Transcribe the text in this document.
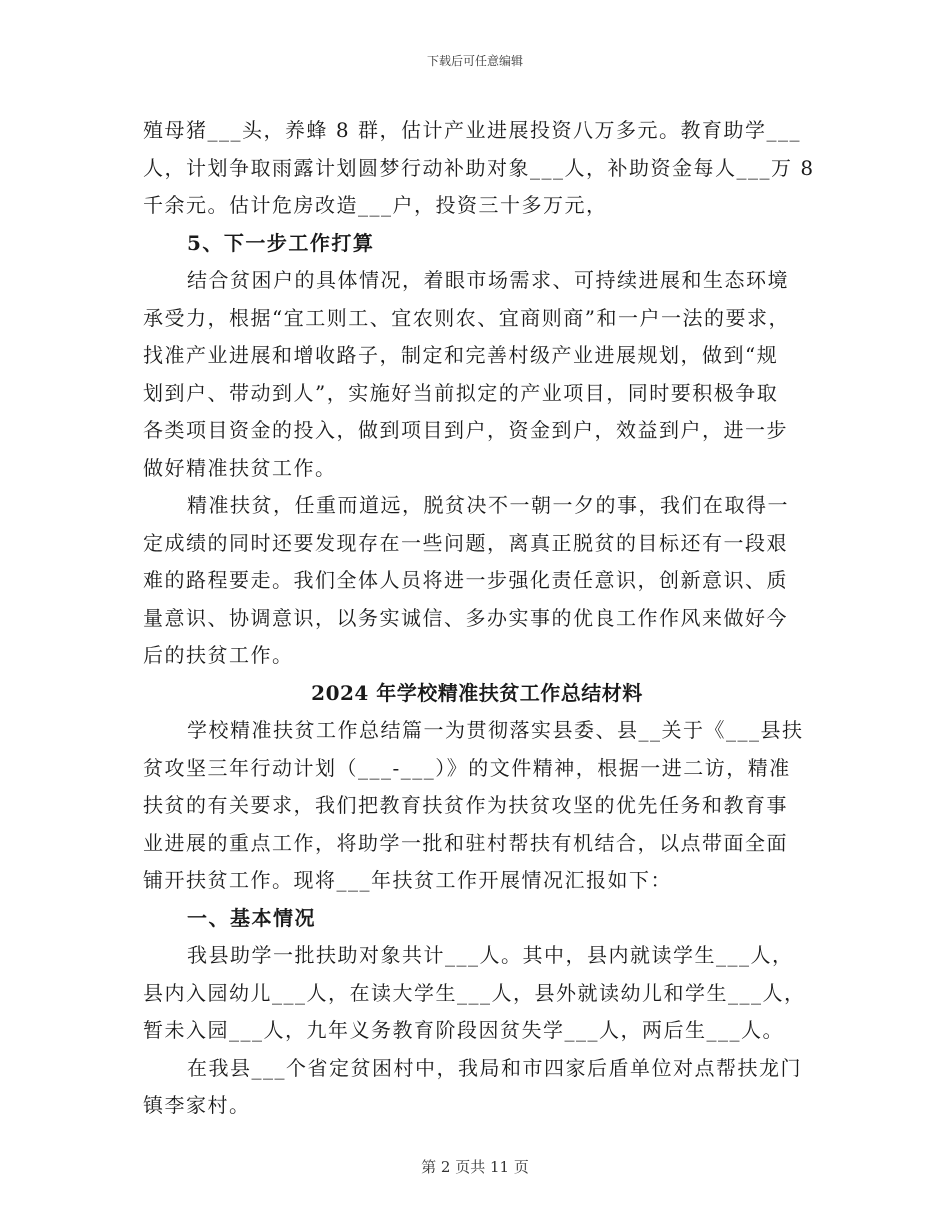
下载后可任意编辑
殖母猪___头，养蜂 8 群，估计产业进展投资八万多元。教育助学___
人，计划争取雨露计划圆梦行动补助对象___人，补助资金每人___万 8
千余元。估计危房改造___户，投资三十多万元，
5、下一步工作打算
结合贫困户的具体情况，着眼市场需求、可持续进展和生态环境
承受力，根据“宜工则工、宜农则农、宜商则商”和一户一法的要求，
找准产业进展和增收路子，制定和完善村级产业进展规划，做到“规
划到户、带动到人”，实施好当前拟定的产业项目，同时要积极争取
各类项目资金的投入，做到项目到户，资金到户，效益到户，进一步
做好精准扶贫工作。
精准扶贫，任重而道远，脱贫决不一朝一夕的事，我们在取得一
定成绩的同时还要发现存在一些问题，离真正脱贫的目标还有一段艰
难的路程要走。我们全体人员将进一步强化责任意识，创新意识、质
量意识、协调意识，以务实诚信、多办实事的优良工作作风来做好今
后的扶贫工作。
2024 年学校精准扶贫工作总结材料
学校精准扶贫工作总结篇一为贯彻落实县委、县__关于《___县扶
贫攻坚三年行动计划（___-___）》的文件精神，根据一进二访，精准
扶贫的有关要求，我们把教育扶贫作为扶贫攻坚的优先任务和教育事
业进展的重点工作，将助学一批和驻村帮扶有机结合，以点带面全面
铺开扶贫工作。现将___年扶贫工作开展情况汇报如下：
一、基本情况
我县助学一批扶助对象共计___人。其中，县内就读学生___人，
县内入园幼儿___人，在读大学生___人，县外就读幼儿和学生___人，
暂未入园___人，九年义务教育阶段因贫失学___人，两后生___人。
在我县___个省定贫困村中，我局和市四家后盾单位对点帮扶龙门
镇李家村。
第 2 页共 11 页
